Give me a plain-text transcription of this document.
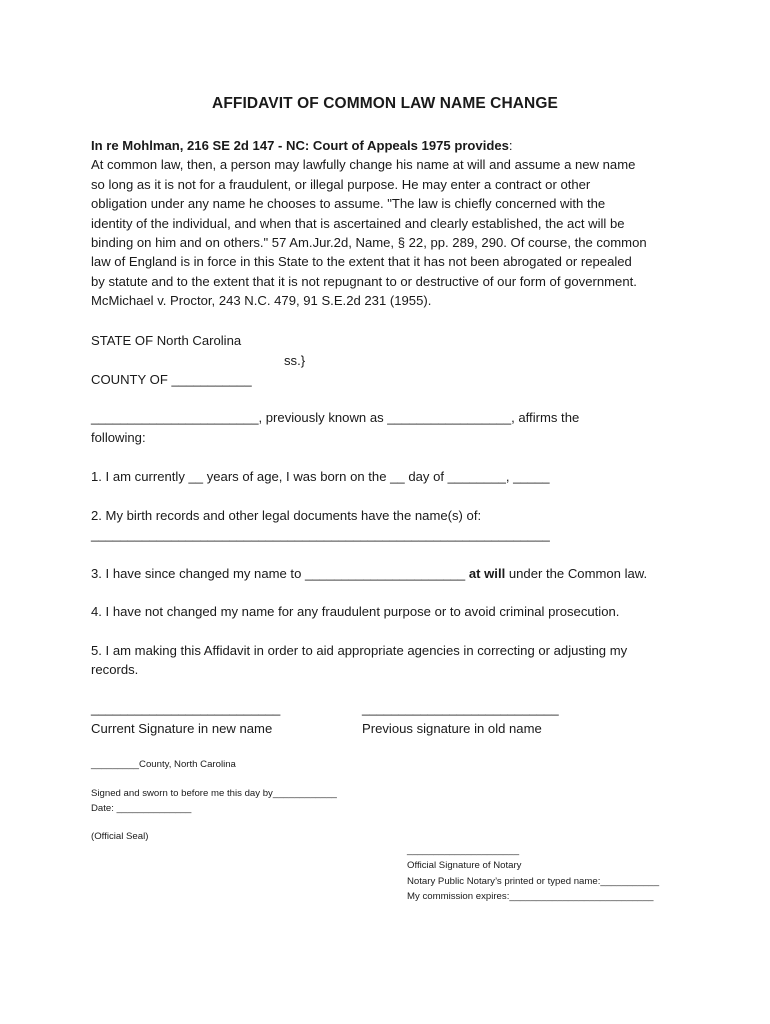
AFFIDAVIT OF COMMON LAW NAME CHANGE

In re Mohlman, 216 SE 2d 147 - NC: Court of Appeals 1975 provides:

At common law, then, a person may lawfully change his name at will and assume a new name

so long as it is not for a fraudulent, or illegal purpose. He may enter a contract or other

obligation under any name he chooses to assume. "The law is chiefly concerned with the

identity of the individual, and when that is ascertained and clearly established, the act will be

binding on him and on others." 57 Am.Jur.2d, Name, § 22, pp. 289, 290. Of course, the common

law of England is in force in this State to the extent that it has not been abrogated or repealed

by statute and to the extent that it is not repugnant to or destructive of our form of government.

McMichael v. Proctor, 243 N.C. 479, 91 S.E.2d 231 (1955).

STATE OF North Carolina
ss.}
COUNTY OF ___________
_______________________, previously known as _________________, affirms the
following:
1. I am currently __ years of age, I was born on the __ day of ________, _____
2. My birth records and other legal documents have the name(s) of:
_______________________________________________________________
3. I have since changed my name to ______________________ at will under the Common law.
4. I have not changed my name for any fraudulent purpose or to avoid criminal prosecution.
5. I am making this Affidavit in order to aid appropriate agencies in correcting or adjusting my
records.
__________________________
Current Signature in new name
___________________________
Previous signature in old name
_________County, North Carolina
Signed and sworn to before me this day by____________
Date: ______________
(Official Seal)
_____________________
Official Signature of Notary
Notary Public Notary’s printed or typed name:___________
My commission expires:___________________________
